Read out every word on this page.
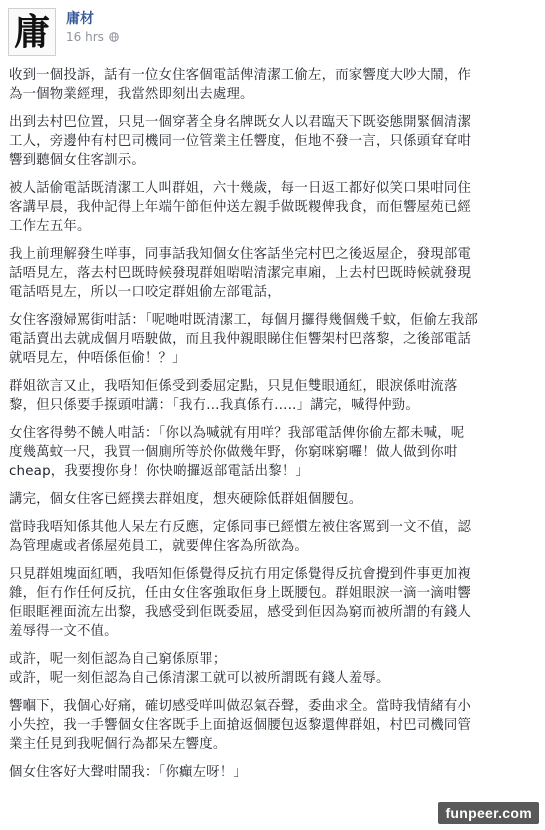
庸 庸材
16 hrs

收到一個投訴，話有一位女住客個電話俾清潔工偷左，而家響度大吵大鬧，作
為一個物業經理，我當然即刻出去處理。

出到去村巴位置，只見一個穿著全身名牌既女人以君臨天下既姿態開緊個清潔
工人，旁邊仲有村巴司機同一位管業主任響度，佢地不發一言，只係頭耷耷咁
響到聽個女住客訓示。

被人話偷電話既清潔工人叫群姐，六十幾歲，每一日返工都好似笑口果咁同住
客講早晨，我仲記得上年端午節佢仲送左親手做既糉俾我食，而佢響屋苑已經
工作左五年。

我上前理解發生咩事，同事話我知個女住客話坐完村巴之後返屋企，發現部電
話唔見左，落去村巴既時候發現群姐啱啱清潔完車廂，上去村巴既時候就發現
電話唔見左，所以一口咬定群姐偷左部電話，

女住客潑婦罵街咁話：「呢哋咁既清潔工，每個月攞得幾個幾千蚊，佢偷左我部
電話賣出去就成個月唔駛做，而且我仲親眼睇住佢響架村巴落黎，之後部電話
就唔見左，仲唔係佢偷！？」

群姐欲言又止，我唔知佢係受到委屈定點，只見佢雙眼通紅，眼淚係咁流落
黎，但只係要手揼頭咁講：「我冇…我真係冇…..」講完，喊得仲勁。

女住客得勢不饒人咁話：「你以為喊就有用咩？我部電話俾你偷左都未喊，呢
度幾萬蚊一尺，我買一個廁所等於你做幾年野，你窮咪窮囉！做人做到你咁
cheap，我要搜你身！你快啲攞返部電話出黎！」

講完，個女住客已經撲去群姐度，想夾硬除低群姐個腰包。

當時我唔知係其他人呆左冇反應，定係同事已經慣左被住客罵到一文不值，認
為管理處或者係屋苑員工，就要俾住客為所欲為。

只見群姐塊面紅晒，我唔知佢係覺得反抗冇用定係覺得反抗會攪到件事更加複
雜，佢冇作任何反抗，任由女住客強取佢身上既腰包。群姐眼淚一滴一滴咁響
佢眼眶裡面流左出黎，我感受到佢既委屈，感受到佢因為窮而被所謂的有錢人
羞辱得一文不值。

或許，呢一刻佢認為自己窮係原罪；
或許，呢一刻佢認為自己係清潔工就可以被所謂既有錢人羞辱。

響嗰下，我個心好痛，確切感受咩叫做忍氣吞聲，委曲求全。當時我情緒有小
小失控，我一手響個女住客既手上面搶返個腰包返黎還俾群姐，村巴司機同管
業主任見到我呢個行為都呆左響度。

個女住客好大聲咁鬧我：「你癲左呀！」

funpeer.com
